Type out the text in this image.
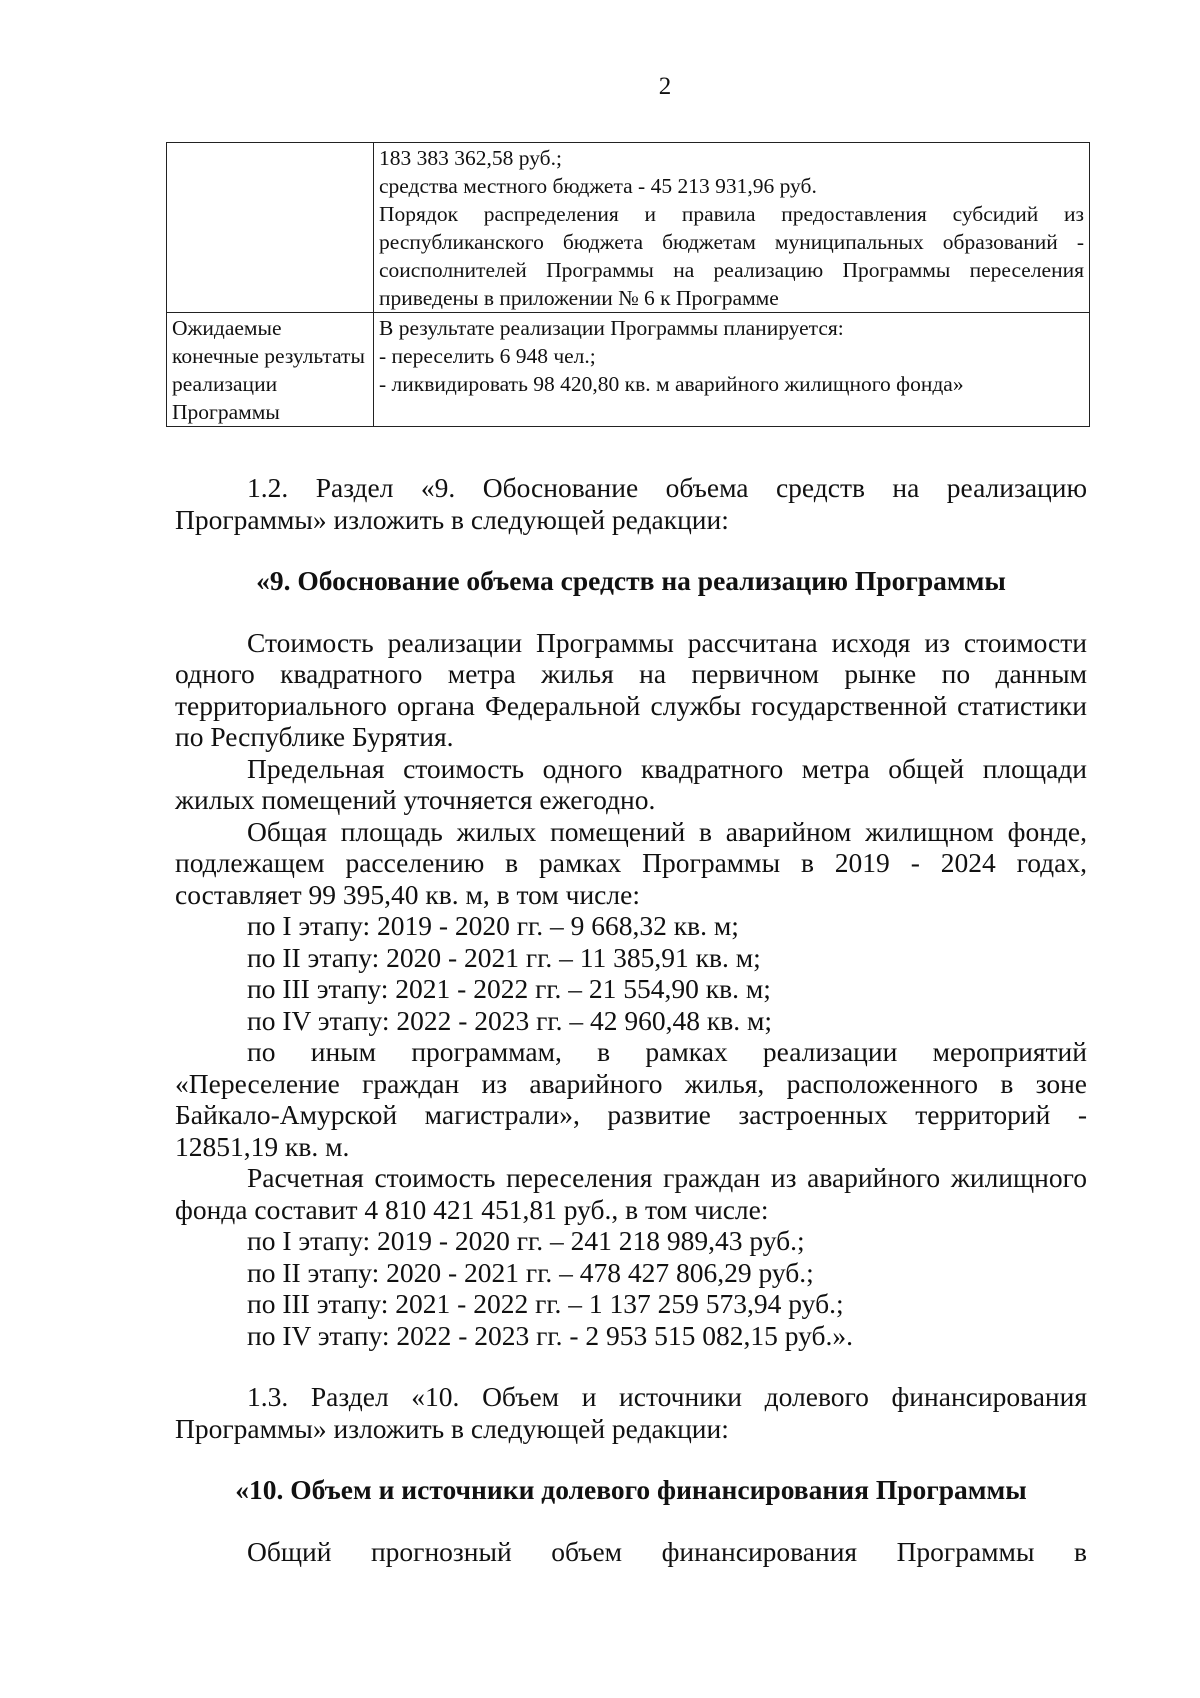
2

	183 383 362,58 руб.;
средства местного бюджета - 45 213 931,96 руб.
Порядок распределения и правила предоставления субсидий из республиканского бюджета бюджетам муниципальных образований - соисполнителей Программы на реализацию Программы переселения приведены в приложении № 6 к Программе

Ожидаемые конечные результаты реализации Программы	В результате реализации Программы планируется:
- переселить 6 948 чел.;
- ликвидировать 98 420,80 кв. м аварийного жилищного фонда»

1.2. Раздел «9. Обоснование объема средств на реализацию Программы» изложить в следующей редакции:

«9. Обоснование объема средств на реализацию Программы

Стоимость реализации Программы рассчитана исходя из стоимости одного квадратного метра жилья на первичном рынке по данным территориального органа Федеральной службы государственной статистики по Республике Бурятия.

Предельная стоимость одного квадратного метра общей площади жилых помещений уточняется ежегодно.

Общая площадь жилых помещений в аварийном жилищном фонде, подлежащем расселению в рамках Программы в 2019 - 2024 годах, составляет 99 395,40 кв. м, в том числе:

по I этапу: 2019 - 2020 гг. – 9 668,32 кв. м;

по II этапу: 2020 - 2021 гг. – 11 385,91 кв. м;

по III этапу: 2021 - 2022 гг. – 21 554,90 кв. м;

по IV этапу: 2022 - 2023 гг. – 42 960,48 кв. м;

по иным программам, в рамках реализации мероприятий «Переселение граждан из аварийного жилья, расположенного в зоне Байкало-Амурской магистрали», развитие застроенных территорий - 12851,19 кв. м.

Расчетная стоимость переселения граждан из аварийного жилищного фонда составит 4 810 421 451,81 руб., в том числе:

по I этапу: 2019 - 2020 гг. – 241 218 989,43 руб.;

по II этапу: 2020 - 2021 гг. – 478 427 806,29 руб.;

по III этапу: 2021 - 2022 гг. – 1 137 259 573,94 руб.;

по IV этапу: 2022 - 2023 гг. - 2 953 515 082,15 руб.».

1.3. Раздел «10. Объем и источники долевого финансирования Программы» изложить в следующей редакции:

«10. Объем и источники долевого финансирования Программы

Общий прогнозный объем финансирования Программы в
